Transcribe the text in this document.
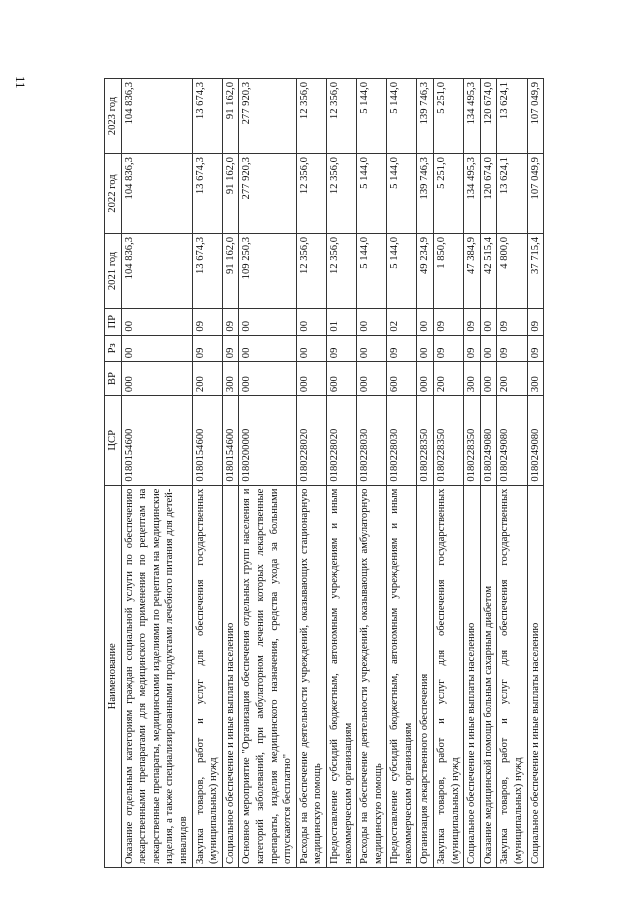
11
Наименование	ЦСР	ВР	Рз	ПР	2021 год	2022 год	2023 год
Оказание отдельным категориям граждан социальной услуги по обеспечению лекарственными препаратами для медицинского применения по рецептам на лекарственные препараты, медицинскими изделиями по рецептам на медицинские изделия, а также специализированными продуктами лечебного питания для детей-инвалидов	0180154600	000	00	00	104 836,3	104 836,3	104 836,3
Закупка товаров, работ и услуг для обеспечения государственных (муниципальных) нужд	0180154600	200	09	09	13 674,3	13 674,3	13 674,3
Социальное обеспечение и иные выплаты населению	0180154600	300	09	09	91 162,0	91 162,0	91 162,0
Основное мероприятие "Организация обеспечения отдельных групп населения и категорий заболеваний, при амбулаторном лечении которых лекарственные препараты, изделия медицинского назначения, средства ухода за больными отпускаются бесплатно"	0180200000	000	00	00	109 250,3	277 920,3	277 920,3
Расходы на обеспечение деятельности учреждений, оказывающих стационарную медицинскую помощь	0180228020	000	00	00	12 356,0	12 356,0	12 356,0
Предоставление субсидий бюджетным, автономным учреждениям и иным некоммерческим организациям	0180228020	600	09	01	12 356,0	12 356,0	12 356,0
Расходы на обеспечение деятельности учреждений, оказывающих амбулаторную медицинскую помощь	0180228030	000	00	00	5 144,0	5 144,0	5 144,0
Предоставление субсидий бюджетным, автономным учреждениям и иным некоммерческим организациям	0180228030	600	09	02	5 144,0	5 144,0	5 144,0
Организация лекарственного обеспечения	0180228350	000	00	00	49 234,9	139 746,3	139 746,3
Закупка товаров, работ и услуг для обеспечения государственных (муниципальных) нужд	0180228350	200	09	09	1 850,0	5 251,0	5 251,0
Социальное обеспечение и иные выплаты населению	0180228350	300	09	09	47 384,9	134 495,3	134 495,3
Оказание медицинской помощи больным сахарным диабетом	0180249080	000	00	00	42 515,4	120 674,0	120 674,0
Закупка товаров, работ и услуг для обеспечения государственных (муниципальных) нужд	0180249080	200	09	09	4 800,0	13 624,1	13 624,1
Социальное обеспечение и иные выплаты населению	0180249080	300	09	09	37 715,4	107 049,9	107 049,9
